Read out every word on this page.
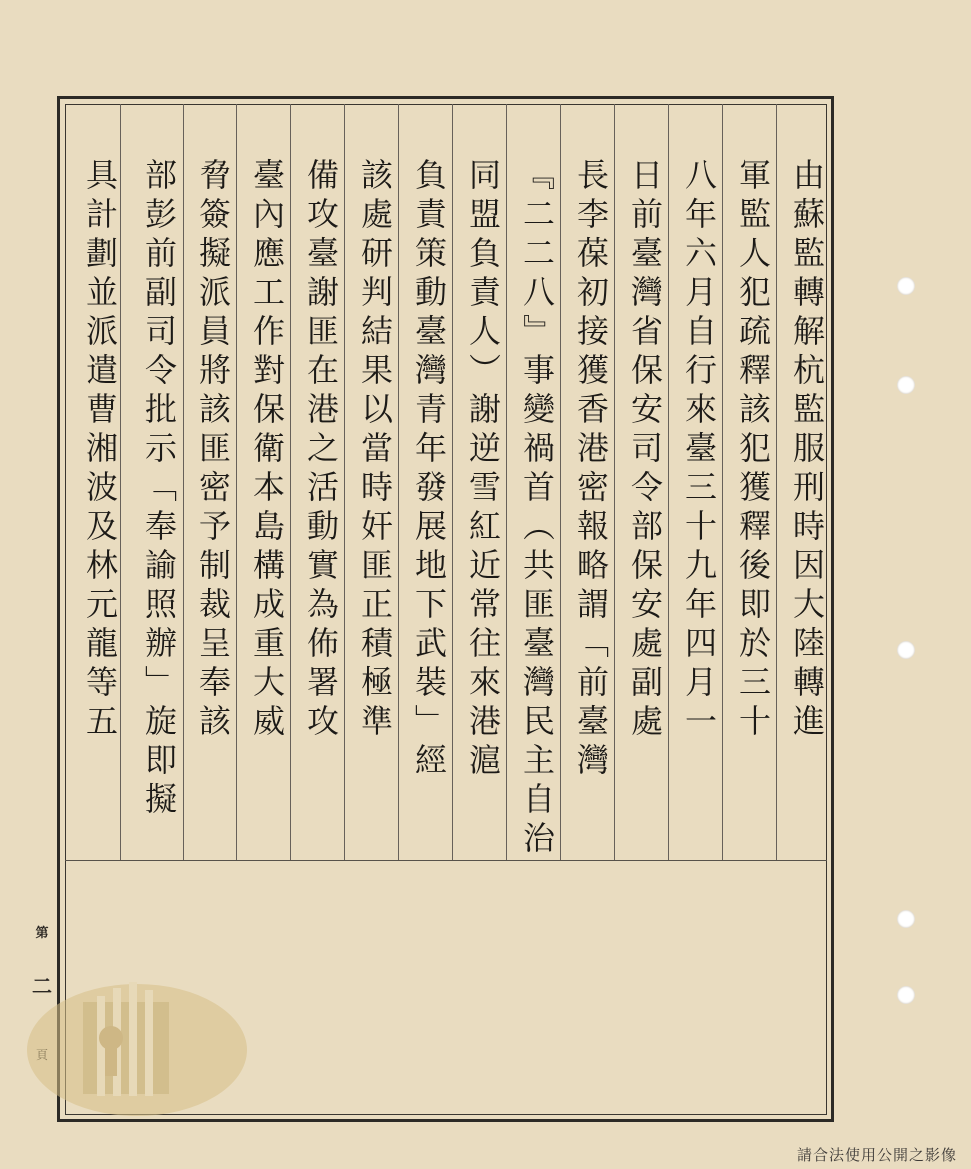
由蘇監轉解杭監服刑時因大陸轉進
軍監人犯疏釋該犯獲釋後即於三十
八年六月自行來臺三十九年四月一
日前臺灣省保安司令部保安處副處
長李葆初接獲香港密報略謂「前臺灣
『二二八』事變禍首（共匪臺灣民主自治
同盟負責人）謝逆雪紅近常往來港滬
負責策動臺灣青年發展地下武裝」經
該處研判結果以當時奸匪正積極準
備攻臺謝匪在港之活動實為佈署攻
臺內應工作對保衛本島構成重大威
脅簽擬派員將該匪密予制裁呈奉該
部彭前副司令批示「奉諭照辦」旋即擬
具計劃並派遣曹湘波及林元龍等五
第
二
請合法使用公開之影像
